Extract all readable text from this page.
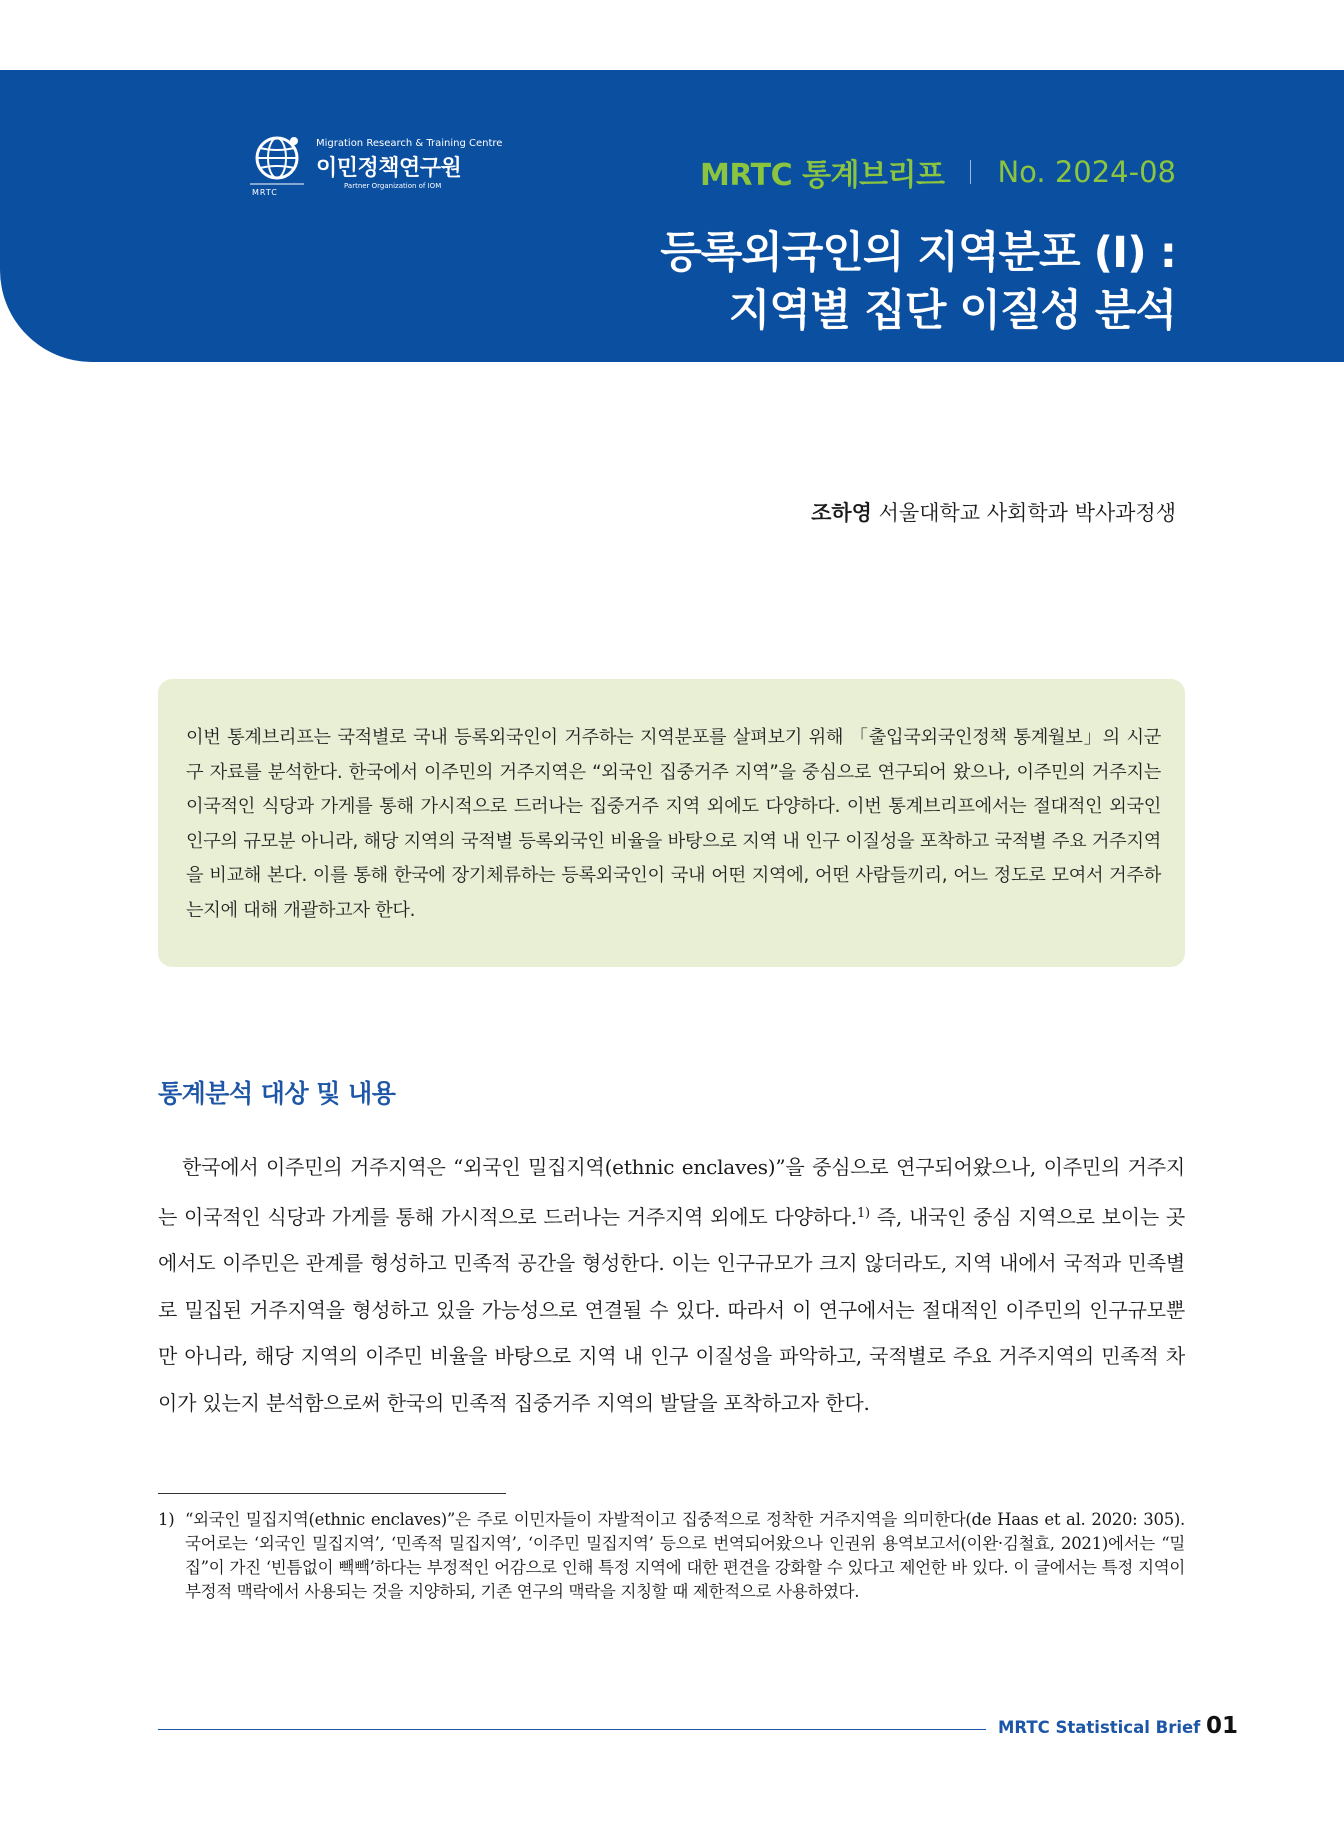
MRTC
Migration Research & Training Centre
이민정책연구원
Partner Organization of IOM	MRTC 통계브리프 No. 2024-08
등록외국인의 지역분포 (I) :
지역별 집단 이질성 분석
조하영 서울대학교 사회학과 박사과정생
이번 통계브리프는 국적별로 국내 등록외국인이 거주하는 지역분포를 살펴보기 위해 「출입국외국인정책 통계월보」의 시군구 자료를 분석한다. 한국에서 이주민의 거주지역은 “외국인 집중거주 지역”을 중심으로 연구되어 왔으나, 이주민의 거주지는 이국적인 식당과 가게를 통해 가시적으로 드러나는 집중거주 지역 외에도 다양하다. 이번 통계브리프에서는 절대적인 외국인 인구의 규모분 아니라, 해당 지역의 국적별 등록외국인 비율을 바탕으로 지역 내 인구 이질성을 포착하고 국적별 주요 거주지역을 비교해 본다. 이를 통해 한국에 장기체류하는 등록외국인이 국내 어떤 지역에, 어떤 사람들끼리, 어느 정도로 모여서 거주하는지에 대해 개괄하고자 한다.
통계분석 대상 및 내용
한국에서 이주민의 거주지역은 “외국인 밀집지역(ethnic enclaves)”을 중심으로 연구되어왔으나, 이주민의 거주지는 이국적인 식당과 가게를 통해 가시적으로 드러나는 거주지역 외에도 다양하다.$^{1)}$ 즉, 내국인 중심 지역으로 보이는 곳에서도 이주민은 관계를 형성하고 민족적 공간을 형성한다. 이는 인구규모가 크지 않더라도, 지역 내에서 국적과 민족별로 밀집된 거주지역을 형성하고 있을 가능성으로 연결될 수 있다. 따라서 이 연구에서는 절대적인 이주민의 인구규모뿐만 아니라, 해당 지역의 이주민 비율을 바탕으로 지역 내 인구 이질성을 파악하고, 국적별로 주요 거주지역의 민족적 차이가 있는지 분석함으로써 한국의 민족적 집중거주 지역의 발달을 포착하고자 한다.
1) “외국인 밀집지역(ethnic enclaves)”은 주로 이민자들이 자발적이고 집중적으로 정착한 거주지역을 의미한다(de Haas et al. 2020: 305). 국어로는 ‘외국인 밀집지역’, ‘민족적 밀집지역’, ‘이주민 밀집지역’ 등으로 번역되어왔으나 인권위 용역보고서(이완·김철효, 2021)에서는 “밀집”이 가진 ‘빈틈없이 빽빽’하다는 부정적인 어감으로 인해 특정 지역에 대한 편견을 강화할 수 있다고 제언한 바 있다. 이 글에서는 특정 지역이 부정적 맥락에서 사용되는 것을 지양하되, 기존 연구의 맥락을 지칭할 때 제한적으로 사용하였다.
MRTC Statistical Brief 01
